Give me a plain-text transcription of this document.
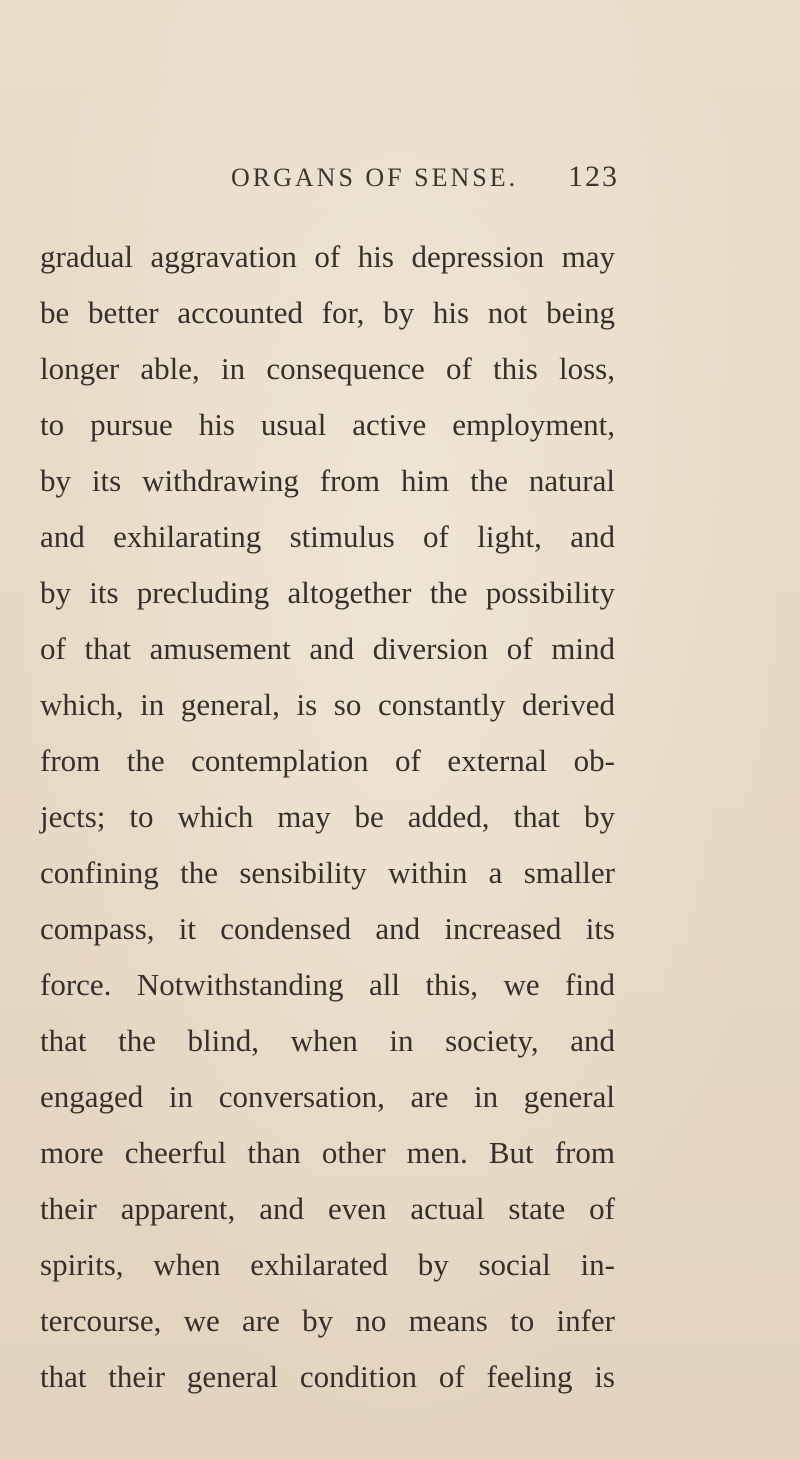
ORGANS OF SENSE. 123
gradual aggravation of his depression may
be better accounted for, by his not being
longer able, in consequence of this loss,
to pursue his usual active employment,
by its withdrawing from him the natural
and exhilarating stimulus of light, and
by its precluding altogether the possibility
of that amusement and diversion of mind
which, in general, is so constantly derived
from the contemplation of external ob-
jects; to which may be added, that by
confining the sensibility within a smaller
compass, it condensed and increased its
force. Notwithstanding all this, we find
that the blind, when in society, and
engaged in conversation, are in general
more cheerful than other men. But from
their apparent, and even actual state of
spirits, when exhilarated by social in-
tercourse, we are by no means to infer
that their general condition of feeling is
